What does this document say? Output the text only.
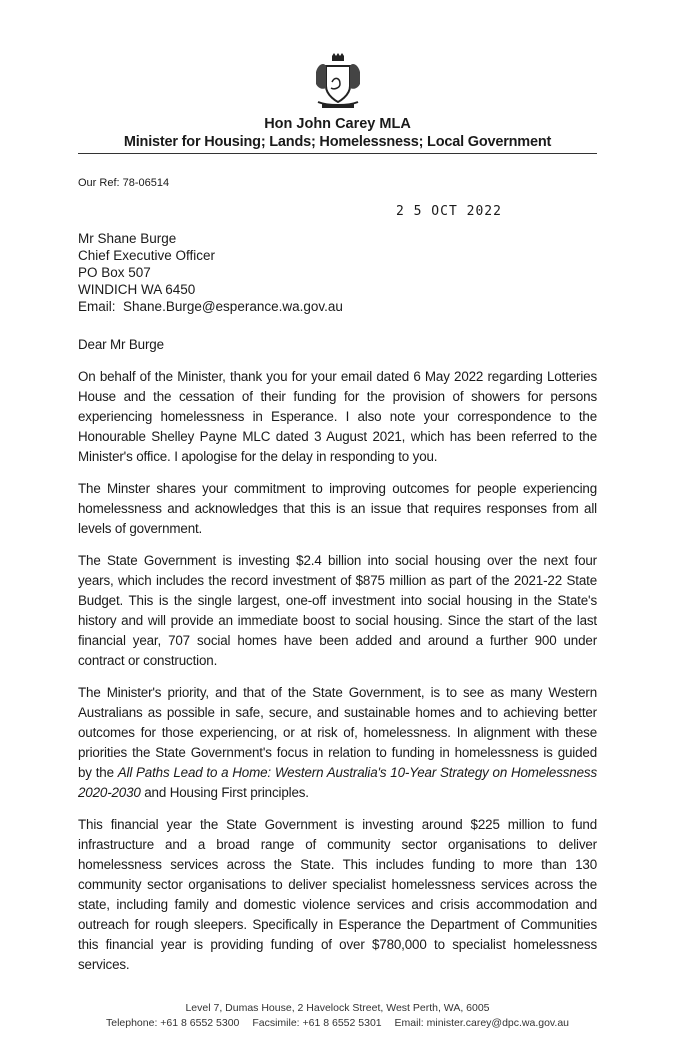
Hon John Carey MLA
Minister for Housing; Lands; Homelessness; Local Government
Our Ref: 78-06514
2 5 OCT 2022
Mr Shane Burge
Chief Executive Officer
PO Box 507
WINDICH WA 6450
Email: Shane.Burge@esperance.wa.gov.au

Dear Mr Burge

On behalf of the Minister, thank you for your email dated 6 May 2022 regarding Lotteries House and the cessation of their funding for the provision of showers for persons experiencing homelessness in Esperance. I also note your correspondence to the Honourable Shelley Payne MLC dated 3 August 2021, which has been referred to the Minister's office. I apologise for the delay in responding to you.

The Minster shares your commitment to improving outcomes for people experiencing homelessness and acknowledges that this is an issue that requires responses from all levels of government.

The State Government is investing $2.4 billion into social housing over the next four years, which includes the record investment of $875 million as part of the 2021-22 State Budget. This is the single largest, one-off investment into social housing in the State's history and will provide an immediate boost to social housing. Since the start of the last financial year, 707 social homes have been added and around a further 900 under contract or construction.

The Minister's priority, and that of the State Government, is to see as many Western Australians as possible in safe, secure, and sustainable homes and to achieving better outcomes for those experiencing, or at risk of, homelessness. In alignment with these priorities the State Government's focus in relation to funding in homelessness is guided by the All Paths Lead to a Home: Western Australia's 10-Year Strategy on Homelessness 2020-2030 and Housing First principles.

This financial year the State Government is investing around $225 million to fund infrastructure and a broad range of community sector organisations to deliver homelessness services across the State. This includes funding to more than 130 community sector organisations to deliver specialist homelessness services across the state, including family and domestic violence services and crisis accommodation and outreach for rough sleepers. Specifically in Esperance the Department of Communities this financial year is providing funding of over $780,000 to specialist homelessness services.

Level 7, Dumas House, 2 Havelock Street, West Perth, WA, 6005
Telephone: +61 8 6552 5300 Facsimile: +61 8 6552 5301 Email: minister.carey@dpc.wa.gov.au
